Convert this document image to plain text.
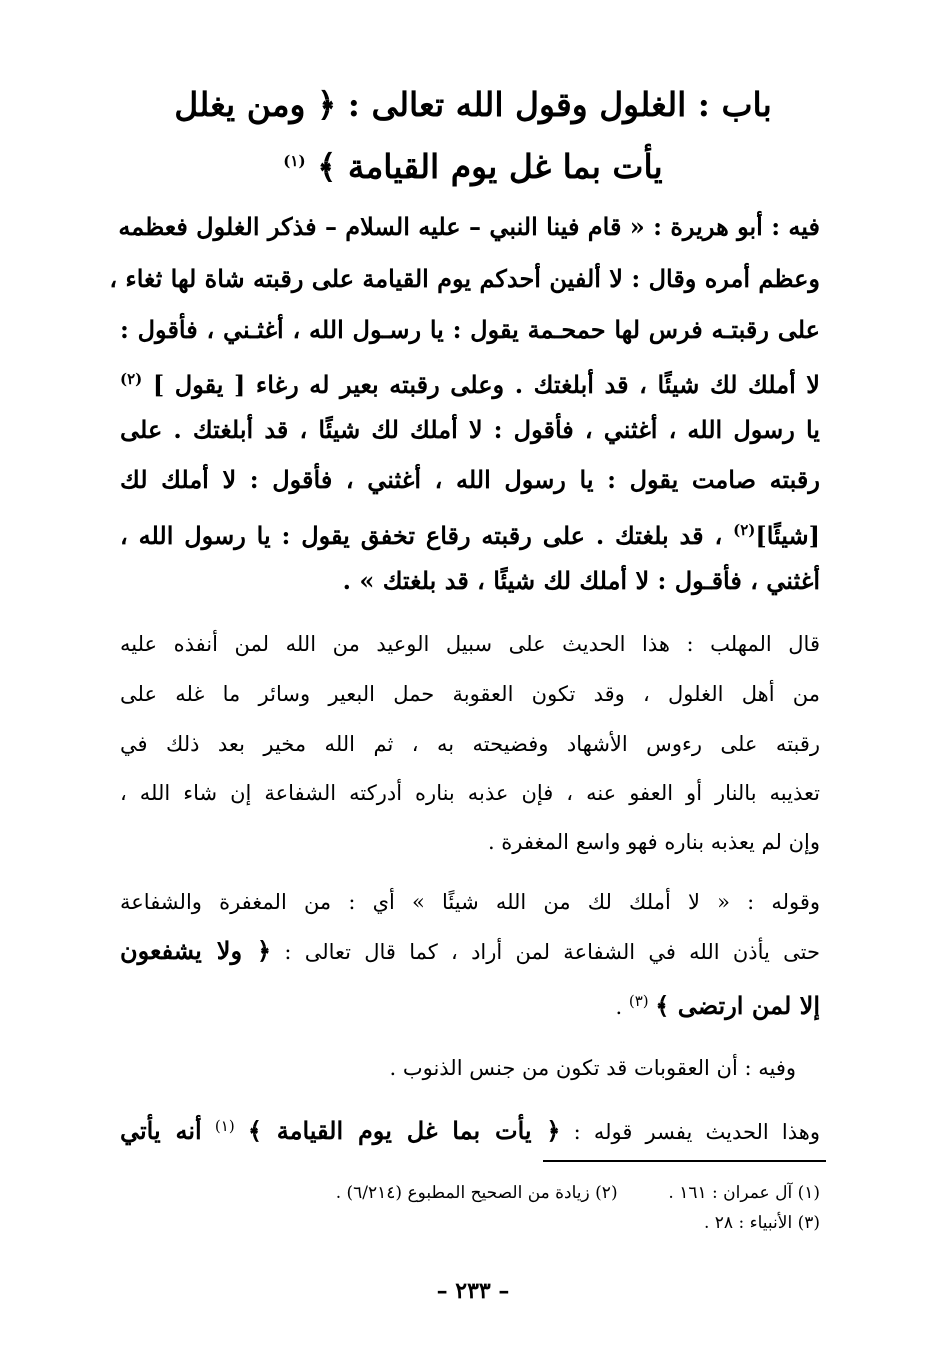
باب : الغلول وقول الله تعالى : ﴿ ومن يغلل
يأت بما غل يوم القيامة ﴾ $^{(١)}$
فيه : أبو هريرة : « قام فينا النبي – عليه السلام – فذكر الغلول فعظمه
وعظم أمره وقال : لا ألفين أحدكم يوم القيامة على رقبته شاة لها ثغاء ،
على رقبتـه فرس لها حمحـمة يقول : يا رسـول الله ، أغثـني ، فأقول :
لا أملك لك شيئًا ، قد أبلغتك . وعلى رقبته بعير له رغاء [ يقول ] $^{(٢)}$
يا رسول الله ، أغثني ، فأقول : لا أملك لك شيئًا ، قد أبلغتك . على
رقبته صامت يقول : يا رسول الله ، أغثني ، فأقول : لا أملك لك
[شيئًا]$^{(٢)}$ ، قد بلغتك . على رقبته رقاع تخفق يقول : يا رسول الله ،
أغثني ، فأقـول : لا أملك لك شيئًا ، قد بلغتك » .
قال المهلب : هذا الحديث على سبيل الوعيد من الله لمن أنفذه عليه
من أهل الغلول ، وقد تكون العقوبة حمل البعير وسائر ما غله على
رقبته على رءوس الأشهاد وفضيحته به ، ثم الله مخير بعد ذلك في
تعذيبه بالنار أو العفو عنه ، فإن عذبه بناره أدركته الشفاعة إن شاء الله ،
وإن لم يعذبه بناره فهو واسع المغفرة .
وقوله : « لا أملك لك من الله شيئًا » أي : من المغفرة والشفاعة
حتى يأذن الله في الشفاعة لمن أراد ، كما قال تعالى : ﴿ ولا يشفعون
إلا لمن ارتضى ﴾ $^{(٣)}$ .
وفيه : أن العقوبات قد تكون من جنس الذنوب .
وهذا الحديث يفسر قوله : ﴿ يأت بما غل يوم القيامة ﴾ $^{(١)}$ أنه يأتي
(١) آل عمران : ١٦١ .  (٢) زيادة من الصحيح المطبوع (٦/٢١٤) .
(٣) الأنبياء : ٢٨ .
– ٢٣٣ –
